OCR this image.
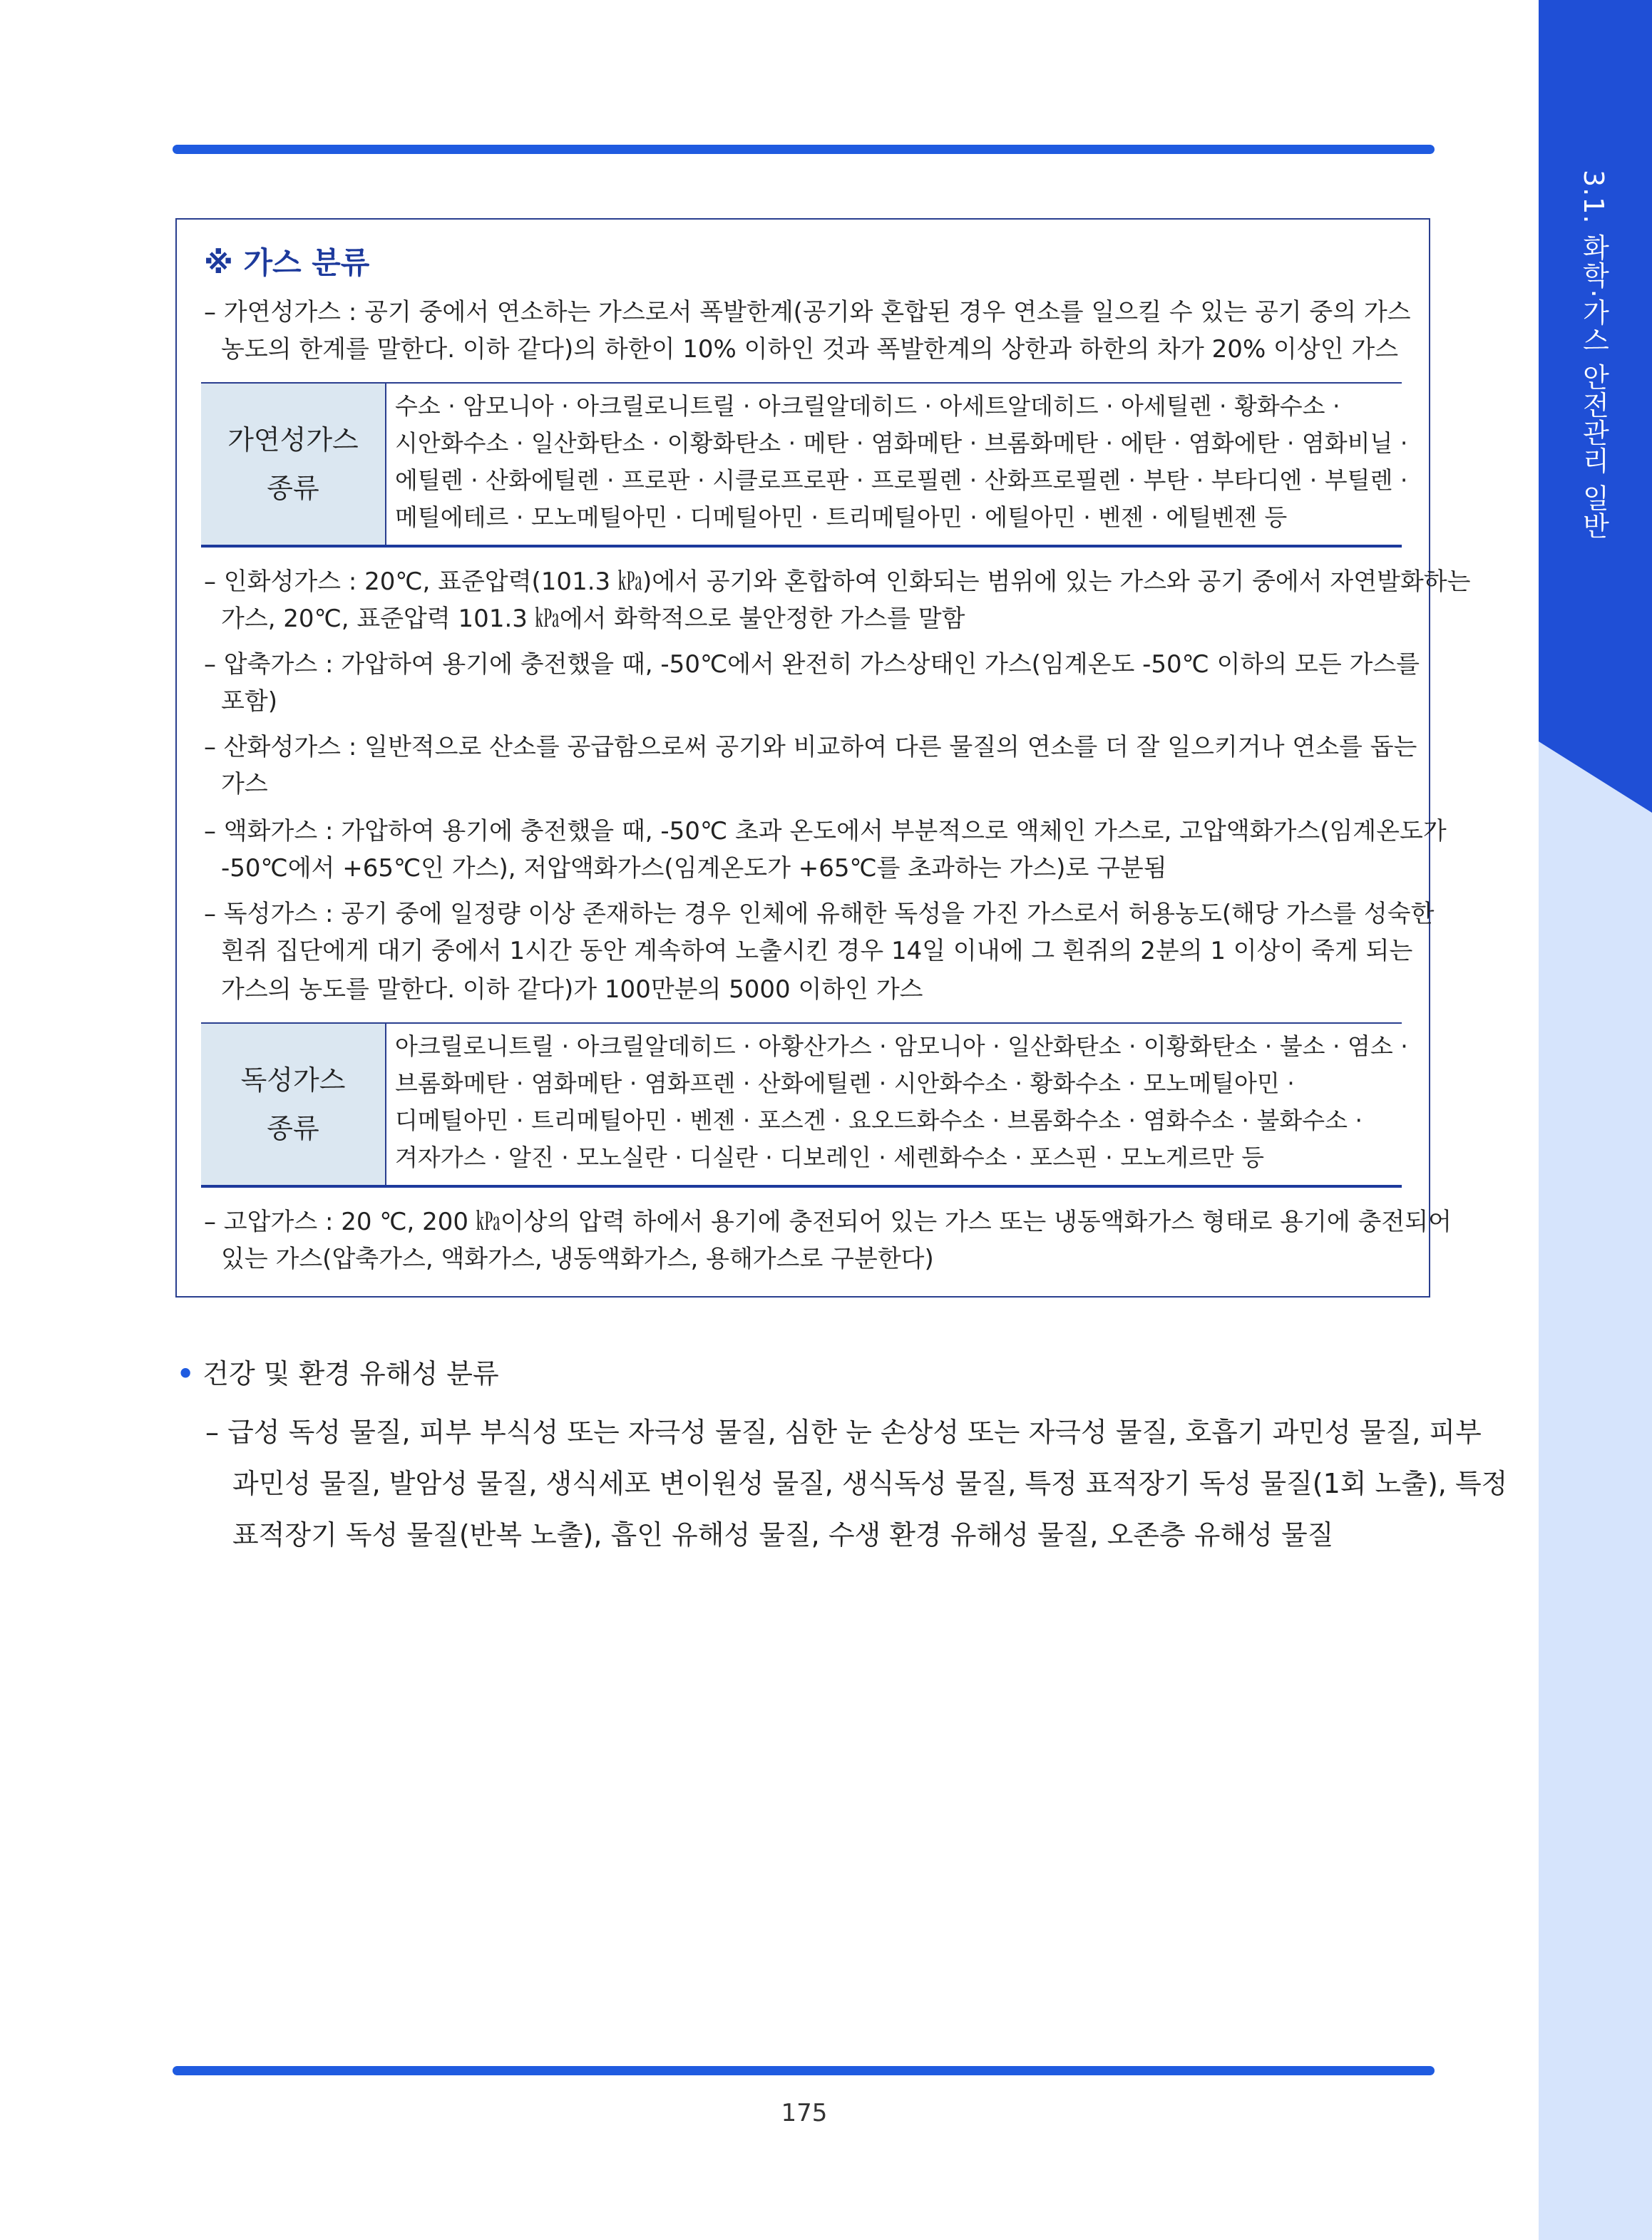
3.1. 화학·가스 안전관리 일반
※ 가스 분류
– 가연성가스 : 공기 중에서 연소하는 가스로서 폭발한계(공기와 혼합된 경우 연소를 일으킬 수 있는 공기 중의 가스
농도의 한계를 말한다. 이하 같다)의 하한이 10% 이하인 것과 폭발한계의 상한과 하한의 차가 20% 이상인 가스
가연성가스
종류
수소 · 암모니아 · 아크릴로니트릴 · 아크릴알데히드 · 아세트알데히드 · 아세틸렌 · 황화수소 ·
시안화수소 · 일산화탄소 · 이황화탄소 · 메탄 · 염화메탄 · 브롬화메탄 · 에탄 · 염화에탄 · 염화비닐 ·
에틸렌 · 산화에틸렌 · 프로판 · 시클로프로판 · 프로필렌 · 산화프로필렌 · 부탄 · 부타디엔 · 부틸렌 ·
메틸에테르 · 모노메틸아민 · 디메틸아민 · 트리메틸아민 · 에틸아민 · 벤젠 · 에틸벤젠 등
– 인화성가스 : 20℃, 표준압력(101.3 ㎪)에서 공기와 혼합하여 인화되는 범위에 있는 가스와 공기 중에서 자연발화하는
가스, 20℃, 표준압력 101.3 ㎪에서 화학적으로 불안정한 가스를 말함
– 압축가스 : 가압하여 용기에 충전했을 때, -50℃에서 완전히 가스상태인 가스(임계온도 -50℃ 이하의 모든 가스를
포함)
– 산화성가스 : 일반적으로 산소를 공급함으로써 공기와 비교하여 다른 물질의 연소를 더 잘 일으키거나 연소를 돕는
가스
– 액화가스 : 가압하여 용기에 충전했을 때, -50℃ 초과 온도에서 부분적으로 액체인 가스로, 고압액화가스(임계온도가
-50℃에서 +65℃인 가스), 저압액화가스(임계온도가 +65℃를 초과하는 가스)로 구분됨
– 독성가스 : 공기 중에 일정량 이상 존재하는 경우 인체에 유해한 독성을 가진 가스로서 허용농도(해당 가스를 성숙한
흰쥐 집단에게 대기 중에서 1시간 동안 계속하여 노출시킨 경우 14일 이내에 그 흰쥐의 2분의 1 이상이 죽게 되는
가스의 농도를 말한다. 이하 같다)가 100만분의 5000 이하인 가스
독성가스
종류
아크릴로니트릴 · 아크릴알데히드 · 아황산가스 · 암모니아 · 일산화탄소 · 이황화탄소 · 불소 · 염소 ·
브롬화메탄 · 염화메탄 · 염화프렌 · 산화에틸렌 · 시안화수소 · 황화수소 · 모노메틸아민 ·
디메틸아민 · 트리메틸아민 · 벤젠 · 포스겐 · 요오드화수소 · 브롬화수소 · 염화수소 · 불화수소 ·
겨자가스 · 알진 · 모노실란 · 디실란 · 디보레인 · 세렌화수소 · 포스핀 · 모노게르만 등
– 고압가스 : 20 ℃, 200 ㎪이상의 압력 하에서 용기에 충전되어 있는 가스 또는 냉동액화가스 형태로 용기에 충전되어
있는 가스(압축가스, 액화가스, 냉동액화가스, 용해가스로 구분한다)
• 건강 및 환경 유해성 분류
– 급성 독성 물질, 피부 부식성 또는 자극성 물질, 심한 눈 손상성 또는 자극성 물질, 호흡기 과민성 물질, 피부
과민성 물질, 발암성 물질, 생식세포 변이원성 물질, 생식독성 물질, 특정 표적장기 독성 물질(1회 노출), 특정
표적장기 독성 물질(반복 노출), 흡인 유해성 물질, 수생 환경 유해성 물질, 오존층 유해성 물질
175
